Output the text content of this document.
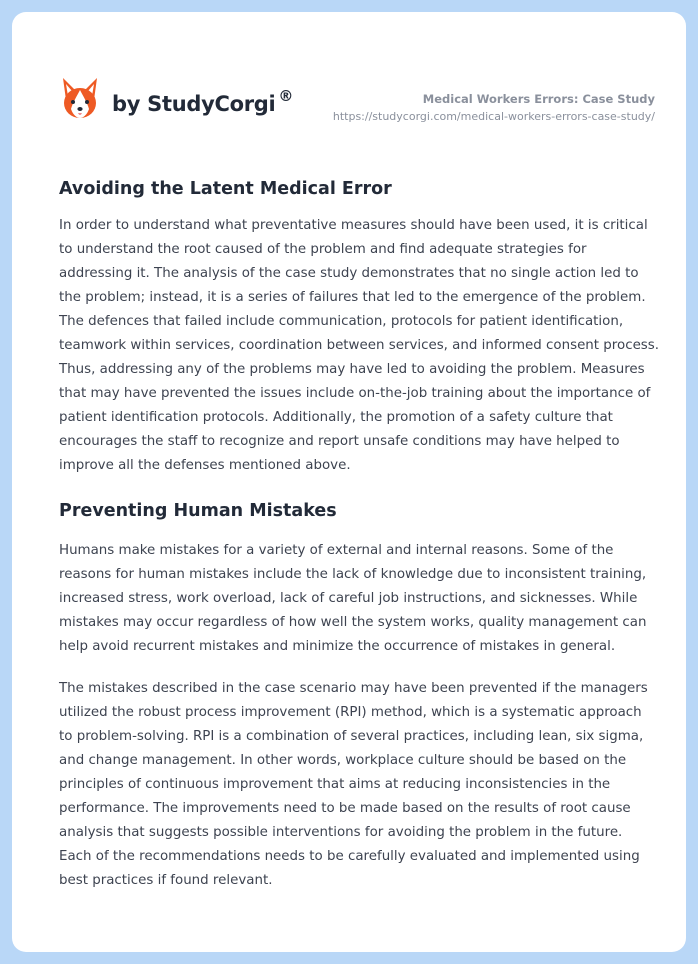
by StudyCorgi ®	Medical Workers Errors: Case Study
https://studycorgi.com/medical-workers-errors-case-study/
Avoiding the Latent Medical Error

In order to understand what preventative measures should have been used, it is critical to understand the root caused of the problem and find adequate strategies for addressing it. The analysis of the case study demonstrates that no single action led to the problem; instead, it is a series of failures that led to the emergence of the problem. The defences that failed include communication, protocols for patient identification, teamwork within services, coordination between services, and informed consent process. Thus, addressing any of the problems may have led to avoiding the problem. Measures that may have prevented the issues include on-the-job training about the importance of patient identification protocols. Additionally, the promotion of a safety culture that encourages the staff to recognize and report unsafe conditions may have helped to improve all the defenses mentioned above.

Preventing Human Mistakes

Humans make mistakes for a variety of external and internal reasons. Some of the reasons for human mistakes include the lack of knowledge due to inconsistent training, increased stress, work overload, lack of careful job instructions, and sicknesses. While mistakes may occur regardless of how well the system works, quality management can help avoid recurrent mistakes and minimize the occurrence of mistakes in general.

The mistakes described in the case scenario may have been prevented if the managers utilized the robust process improvement (RPI) method, which is a systematic approach to problem-solving. RPI is a combination of several practices, including lean, six sigma, and change management. In other words, workplace culture should be based on the principles of continuous improvement that aims at reducing inconsistencies in the performance. The improvements need to be made based on the results of root cause analysis that suggests possible interventions for avoiding the problem in the future. Each of the recommendations needs to be carefully evaluated and implemented using best practices if found relevant.
